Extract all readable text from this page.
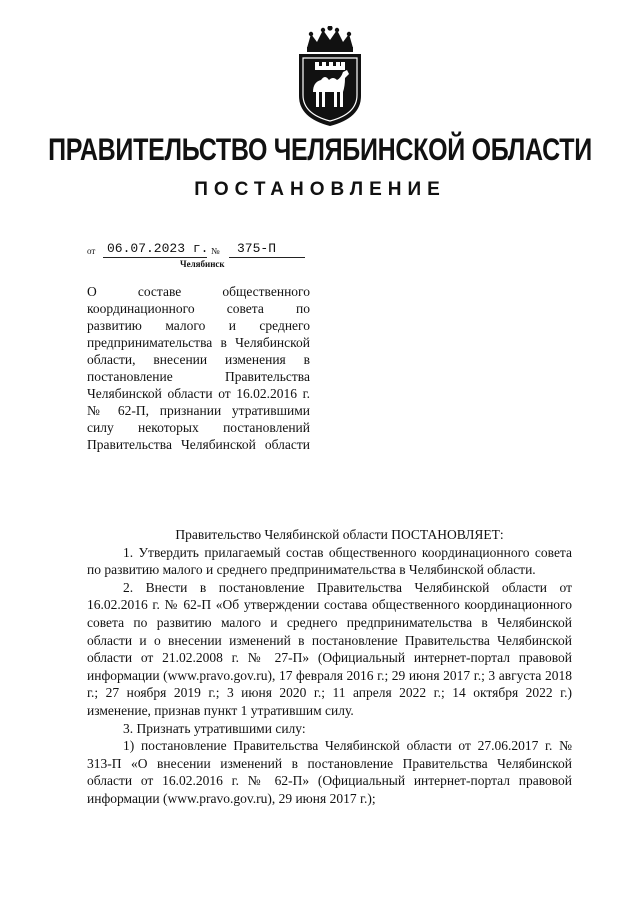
ПРАВИТЕЛЬСТВО ЧЕЛЯБИНСКОЙ ОБЛАСТИ
ПОСТАНОВЛЕНИЕ
от 06.07.2023 г. № 375-П
Челябинск
О составе общественного координационного совета по развитию малого и среднего предпринимательства в Челябинской области, внесении изменения в постановление Правительства Челябинской области от 16.02.2016 г. № 62-П, признании утратившими силу некоторых постановлений Правительства Челябинской области

Правительство Челябинской области ПОСТАНОВЛЯЕТ:

1. Утвердить прилагаемый состав общественного координационного совета по развитию малого и среднего предпринимательства в Челябинской области.

2. Внести в постановление Правительства Челябинской области от 16.02.2016 г. № 62-П «Об утверждении состава общественного координационного совета по развитию малого и среднего предпринимательства в Челябинской области и о внесении изменений в постановление Правительства Челябинской области от 21.02.2008 г. № 27-П» (Официальный интернет-портал правовой информации (www.pravo.gov.ru), 17 февраля 2016 г.; 29 июня 2017 г.; 3 августа 2018 г.; 27 ноября 2019 г.; 3 июня 2020 г.; 11 апреля 2022 г.; 14 октября 2022 г.) изменение, признав пункт 1 утратившим силу.

3. Признать утратившими силу:

1) постановление Правительства Челябинской области от 27.06.2017 г. № 313-П «О внесении изменений в постановление Правительства Челябинской области от 16.02.2016 г. № 62-П» (Официальный интернет-портал правовой информации (www.pravo.gov.ru), 29 июня 2017 г.);
